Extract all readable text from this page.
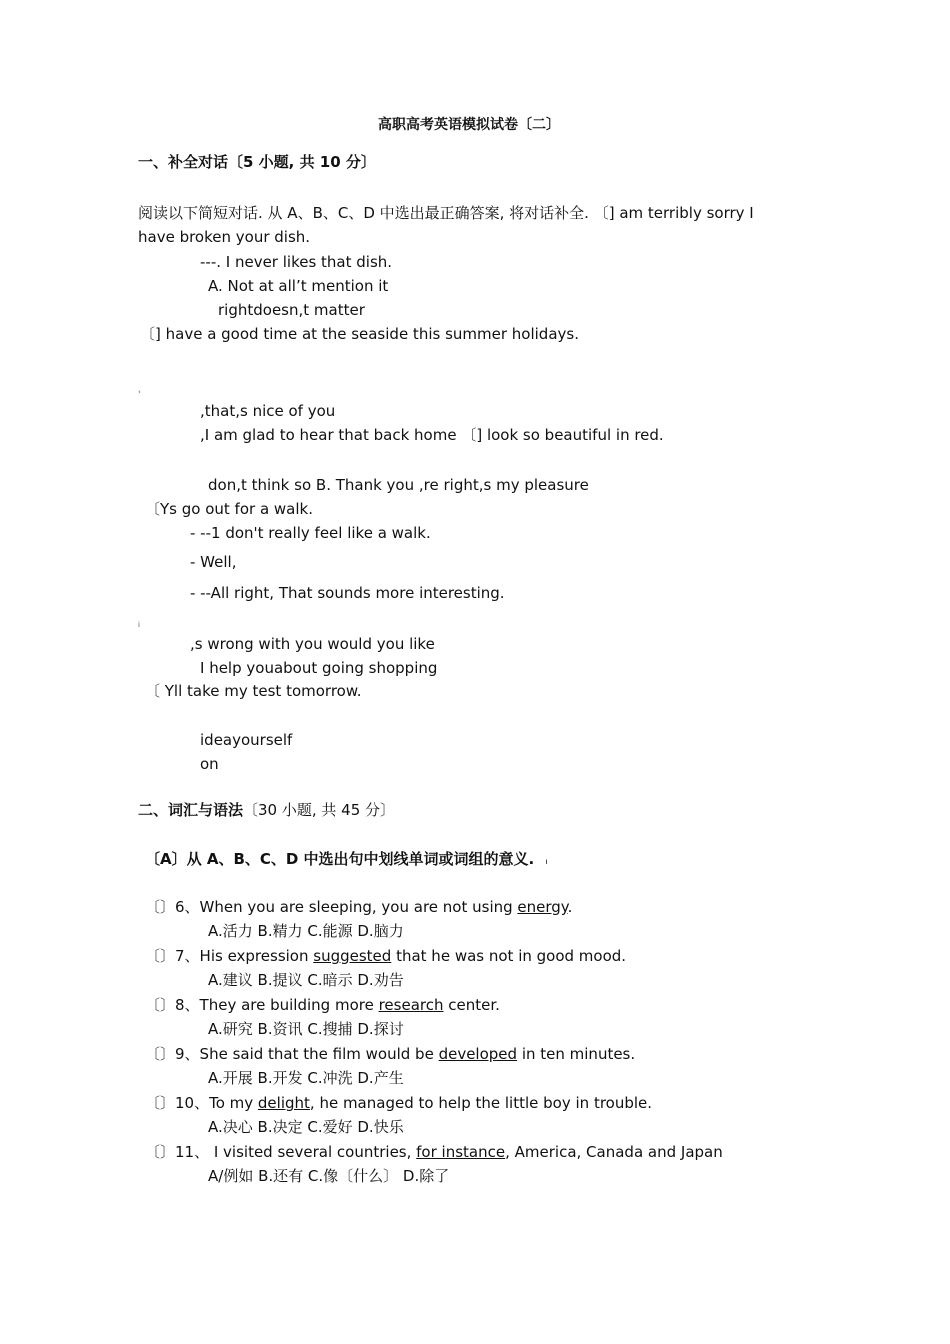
高职高考英语模拟试卷〔二〕
一、补全对话〔5 小题, 共 10 分〕
阅读以下简短对话. 从 A、B、C、D 中选出最正确答案, 将对话补全. 〔] am terribly sorry I
have broken your dish.
---. I never likes that dish.
A. Not at all’t mention it
rightdoesn,t matter
〔] have a good time at the seaside this summer holidays.
‹
,that,s nice of you
,I am glad to hear that back home 〔] look so beautiful in red.
don,t think so B. Thank you ,re right,s my pleasure
〔Ys go out for a walk.
- --1 don't really feel like a walk.
- Well,
- --All right, That sounds more interesting.
i
,s wrong with you would you like
I help youabout going shopping
〔 Yll take my test tomorrow.
ideayourself
on
二、词汇与语法〔30 小题, 共 45 分〕
〔A〕从 A、B、C、D 中选出句中划线单词或词组的意义. ı
〔〕6、When you are sleeping, you are not using energy.
A.活力 B.精力 C.能源 D.脑力
〔〕7、His expression suggested that he was not in good mood.
A.建议 B.提议 C.暗示 D.劝告
〔〕8、They are building more research center.
A.研究 B.资讯 C.搜捕 D.探讨
〔〕9、She said that the film would be developed in ten minutes.
A.开展 B.开发 C.冲洗 D.产生
〔〕10、To my delight, he managed to help the little boy in trouble.
A.决心 B.决定 C.爱好 D.快乐
〔〕11、 I visited several countries, for instance, America, Canada and Japan
A/例如 B.还有 C.像〔什么〕 D.除了
